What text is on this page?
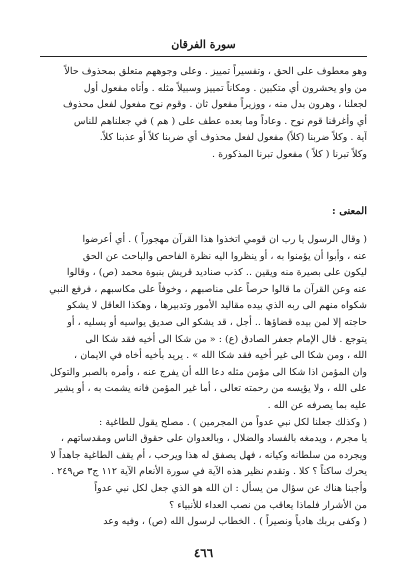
سورة الفرقان
وهو معطوف على الحق ، وتفسيراً تمييز . وعلى وجوههم متعلق بمحذوف حالاً
من واو يحشرون أي متكبين . ومكاناً تمييز وسبيلاً مثله . وأتاه مفعول أول
لجعلنا ، وهرون بدل منه ، ووزيراً مفعول ثان . وقوم نوح مفعول لفعل محذوف
أي وأغرقنا قوم نوح . وعاداً وما بعده عطف على ( هم ) في جعلناهم للناس
آية . وكلاً ضربنا (كلاً) مفعول لفعل محذوف أي ضربنا كلاً أو عذبنا كلاً.
وكلاً تبرنا ( كلاً ) مفعول تبرنا المذكورة .
المعنى :
( وقال الرسول يا رب ان قومي اتخذوا هذا القرآن مهجوراً ) . أي أعرضوا
عنه ، وأبوا أن يؤمنوا به ، أو ينظروا اليه نظرة الفاحص والباحث عن الحق
ليكون على بصيرة منه ويقين .. كذب صناديد قريش بنبوة محمد (ص) ، وقالوا
عنه وعن القرآن ما قالوا حرصاً على مناصبهم ، وخوفاً على مكاسبهم ، فرفع النبي
شكواه منهم الى ربه الذي بيده مقاليد الأمور وتدبيرها ، وهكذا العاقل لا يشكو
حاجته إلا لمن بيده قضاؤها .. أجل ، قد يشكو الى صديق يواسيه أو يسليه ، أو
يتوجع . قال الإمام جعفر الصادق (ع) : « من شكا الى أخيه فقد شكا الى
الله ، ومن شكا الى غير أخيه فقد شكا الله » . يريد بأخيه أخاه في الايمان ،
وان المؤمن اذا شكا الى مؤمن مثله دعا الله أن يفرج عنه ، وأمره بالصبر والتوكل
على الله ، ولا يؤيسه من رحمته تعالى ، أما غير المؤمن فانه يشمت به ، أو يشير
عليه بما يصرفه عن الله .
( وكذلك جعلنا لكل نبي عدواً من المجرمين ) . مصلح يقول للطاغية :
يا مجرم ، ويدمغه بالفساد والضلال ، وبالعدوان على حقوق الناس ومقدساتهم ،
ويجرده من سلطانه وكيانه ، فهل يصفق له هذا ويرحب ، أم يقف الطاغية جاهداً لا
يحرك ساكناً ؟ كلا . وتقدم نظير هذه الآية في سورة الأنعام الآية ١١٢ ج٣ ص٢٤٩ .
وأجبنا هناك عن سؤال من يسأل : ان الله هو الذي جعل لكل نبي عدواً
من الأشرار فلماذا يعاقب من نصب العداء للأنبياء ؟
( وكفى بربك هادياً ونصيراً ) . الخطاب لرسول الله (ص) ، وفيه وعد
٤٦٦
